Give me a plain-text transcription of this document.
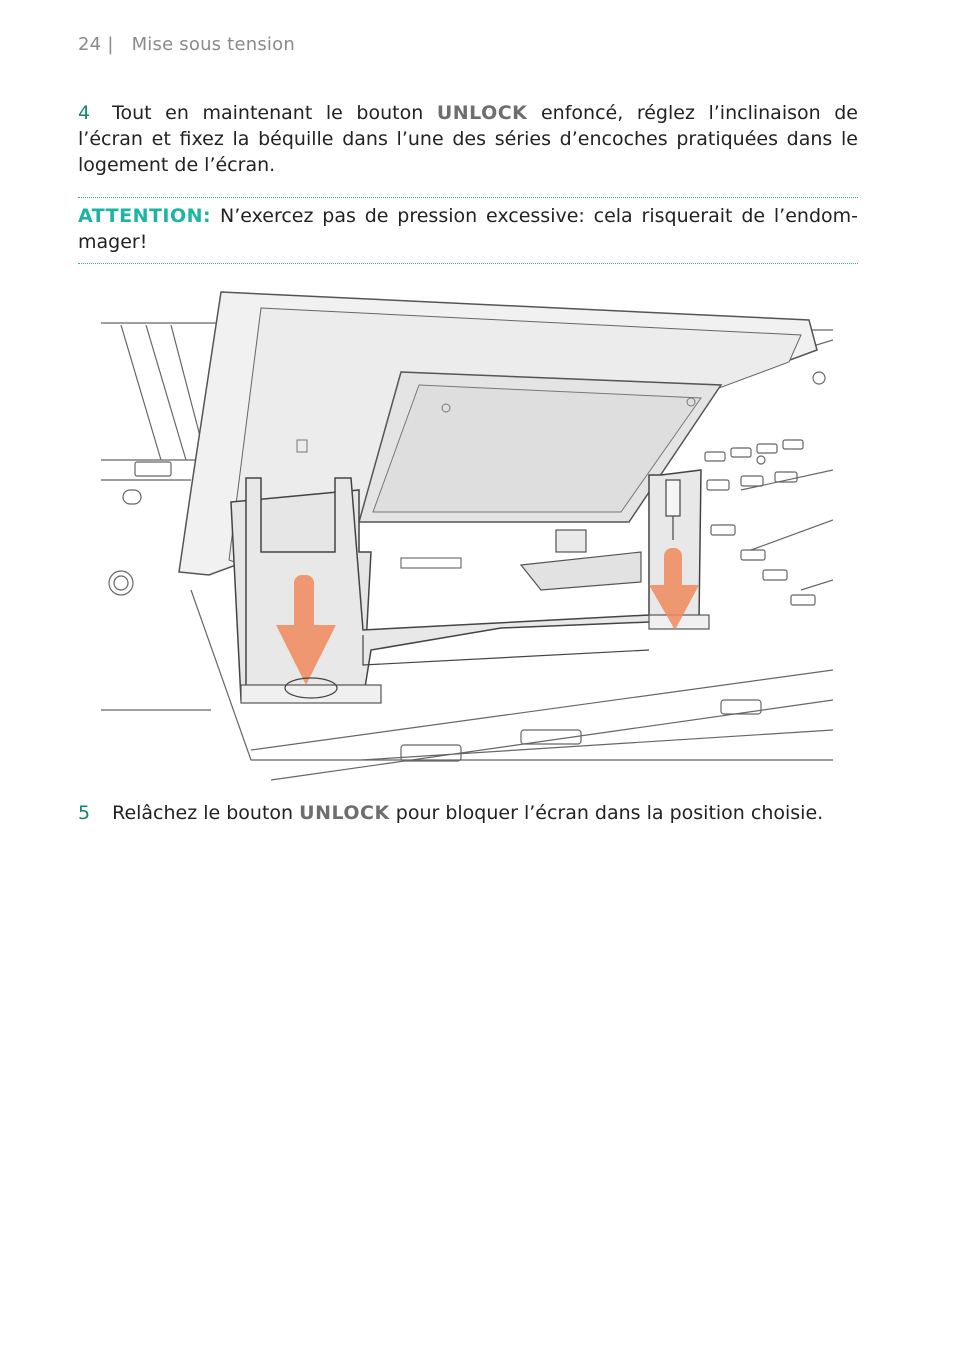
24 | Mise sous tension
4 Tout en maintenant le bouton UNLOCK enfoncé, réglez l’inclinaison de l’écran et fixez la béquille dans l’une des séries d’encoches pratiquées dans le logement de l’écran.
ATTENTION: N’exercez pas de pression excessive: cela risquerait de l’endommager!
5 Relâchez le bouton UNLOCK pour bloquer l’écran dans la position choisie.
